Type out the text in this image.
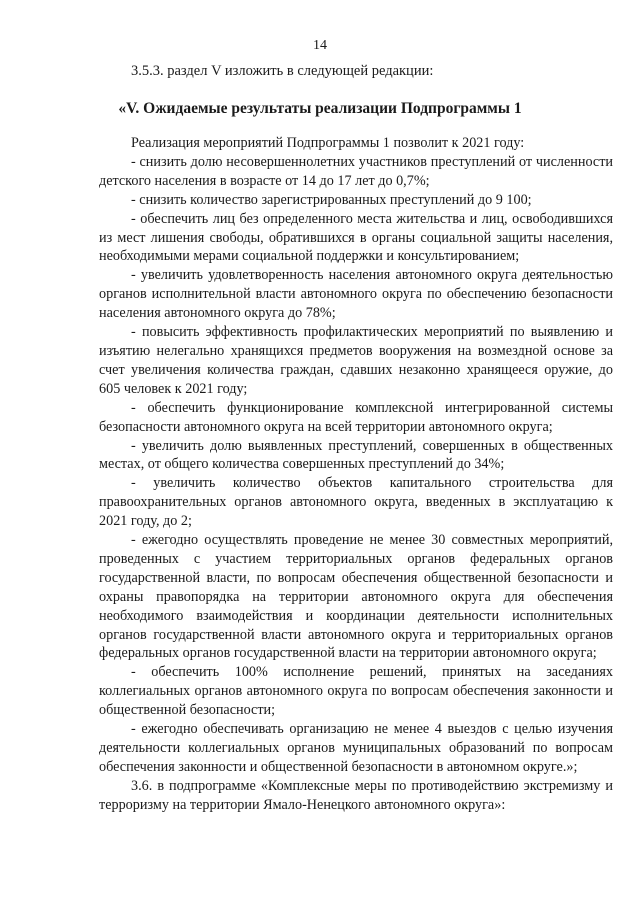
14
3.5.3. раздел V изложить в следующей редакции:
«V. Ожидаемые результаты реализации Подпрограммы 1

Реализация мероприятий Подпрограммы 1 позволит к 2021 году:

- снизить долю несовершеннолетних участников преступлений от численности детского населения в возрасте от 14 до 17 лет до 0,7%;

- снизить количество зарегистрированных преступлений до 9 100;

- обеспечить лиц без определенного места жительства и лиц, освободившихся из мест лишения свободы, обратившихся в органы социальной защиты населения, необходимыми мерами социальной поддержки и консультированием;

- увеличить удовлетворенность населения автономного округа деятельностью органов исполнительной власти автономного округа по обеспечению безопасности населения автономного округа до 78%;

- повысить эффективность профилактических мероприятий по выявлению и изъятию нелегально хранящихся предметов вооружения на возмездной основе за счет увеличения количества граждан, сдавших незаконно хранящееся оружие, до 605 человек к 2021 году;

- обеспечить функционирование комплексной интегрированной системы безопасности автономного округа на всей территории автономного округа;

- увеличить долю выявленных преступлений, совершенных в общественных местах, от общего количества совершенных преступлений до 34%;

- увеличить количество объектов капитального строительства для правоохранительных органов автономного округа, введенных в эксплуатацию к 2021 году, до 2;

- ежегодно осуществлять проведение не менее 30 совместных мероприятий, проведенных с участием территориальных органов федеральных органов государственной власти, по вопросам обеспечения общественной безопасности и охраны правопорядка на территории автономного округа для обеспечения необходимого взаимодействия и координации деятельности исполнительных органов государственной власти автономного округа и территориальных органов федеральных органов государственной власти на территории автономного округа;

- обеспечить 100% исполнение решений, принятых на заседаниях коллегиальных органов автономного округа по вопросам обеспечения законности и общественной безопасности;

- ежегодно обеспечивать организацию не менее 4 выездов с целью изучения деятельности коллегиальных органов муниципальных образований по вопросам обеспечения законности и общественной безопасности в автономном округе.»;

3.6. в подпрограмме «Комплексные меры по противодействию экстремизму и терроризму на территории Ямало-Ненецкого автономного округа»:
